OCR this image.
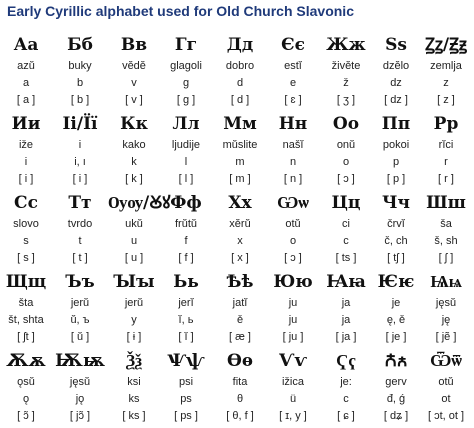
Early Cyrillic alphabet used for Old Church Slavonic
Аа
azŭ
a
[ a ]
Бб
buky
b
[ b ]
Вв
vĕdĕ
v
[ v ]
Гг
glagoli
g
[ g ]
Дд
dobro
d
[ d ]
Єє
estĭ
e
[ ɛ ]
Жж
živĕte
ž
[ ʒ ]
Ѕѕ
dzĕlo
dz
[ dz ]
Ꙁꙁ/Ꙃꙃ
zemlja
z
[ z ]
Ии
iže
i
[ i ]
Іі/Її
i
i, ı
[ i ]
Кк
kako
k
[ k ]
Лл
ljudije
l
[ l ]
Мм
mŭslite
m
[ m ]
Нн
našĭ
n
[ n ]
Оо
onŭ
o
[ ɔ ]
Пп
pokoi
p
[ p ]
Рр
rĭci
r
[ r ]
Сс
slovo
s
[ s ]
Тт
tvrdo
t
[ t ]
Ѹѹ/Ꙋꙋ
ukŭ
u
[ u ]
Фф
frŭtŭ
f
[ f ]
Хх
xĕrŭ
x
[ x ]
Ѡѡ
otŭ
o
[ ɔ ]
Цц
ci
c
[ ts ]
Чч
črvĭ
č, ch
[ tʃ ]
Шш
ša
š, sh
[ ʃ ]
Щщ
šta
št, shta
[ ʃt ]
Ъъ
jerŭ
ŭ, ъ
[ ŭ ]
Ꙑꙑ
jerŭ
y
[ ɨ ]
Ьь
jerĭ
ĭ, ь
[ ĭ ]
Ѣѣ
jatĭ
ě
[ æ ]
Юю
ju
ju
[ ju ]
Ꙗꙗ
ja
ja
[ ja ]
Ѥѥ
je
ę, ě
[ je ]
Ѩѩ
jęsŭ
ję
[ jẽ ]
Ѫѫ
ǫsŭ
ǫ
[ ɔ̃ ]
Ѭѭ
jęsŭ
jǫ
[ jɔ̃ ]
Ѯѯ
ksi
ks
[ ks ]
Ѱѱ
psi
ps
[ ps ]
Ѳѳ
fita
θ
[ θ, f ]
Ѵѵ
ižica
ü
[ ɪ, y ]
Ҁҁ
je:
c
[ ɕ ]
Ꙉꙉ
gerv
đ, ǵ
[ dʑ ]
Ѿѿ
otŭ
ot
[ ɔt, ot ]
